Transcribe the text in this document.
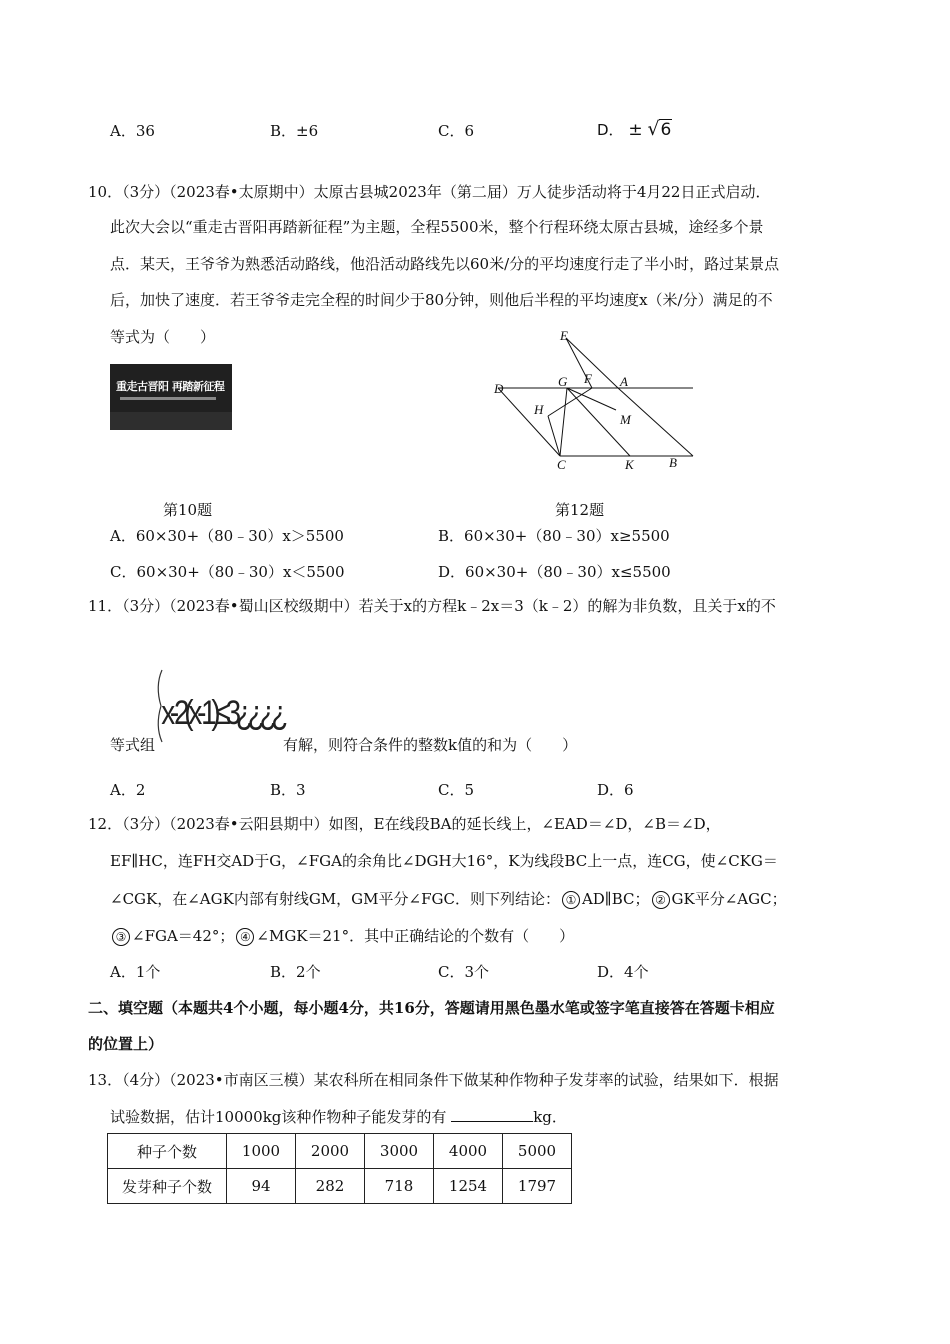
A．36	B．±6	C．6	D． ± √6
10．（3分）（2023春•太原期中）太原古县城2023年（第二届）万人徒步活动将于4月22日正式启动．
此次大会以“重走古晋阳再踏新征程”为主题，全程5500米，整个行程环绕太原古县城，途经多个景
点．某天，王爷爷为熟悉活动路线，他沿活动路线先以60米/分的平均速度行走了半小时，路过某景点
后，加快了速度．若王爷爷走完全程的时间少于80分钟，则他后半程的平均速度x（米/分）满足的不
等式为（　　）
重走古晋阳 再踏新征程
E
G F A
D
H
M
C	K	B
第10题	第12题
A．60×30+（80﹣30）x＞5500	B．60×30+（80﹣30）x≥5500
C．60×30+（80﹣30）x＜5500	D．60×30+（80﹣30）x≤5500
11．（3分）（2023春•蜀山区校级期中）若关于x的方程k﹣2x＝3（k﹣2）的解为非负数，且关于x的不
等式组
x-2(x-1)≤3¿¿¿¿
有解，则符合条件的整数k值的和为（　　）
A．2	B．3	C．5	D．6
12．（3分）（2023春•云阳县期中）如图，E在线段BA的延长线上，∠EAD＝∠D，∠B＝∠D，
EF∥HC，连FH交AD于G，∠FGA的余角比∠DGH大16°，K为线段BC上一点，连CG，使∠CKG＝
∠CGK，在∠AGK内部有射线GM，GM平分∠FGC．则下列结论： ① AD∥BC； ② GK平分∠AGC；
③ ∠FGA＝42°； ④ ∠MGK＝21°．其中正确结论的个数有（　　）
A．1个	B．2个	C．3个	D．4个
二、填空题（本题共4个小题，每小题4分，共16分，答题请用黑色墨水笔或签字笔直接答在答题卡相应
的位置上）
13．（4分）（2023•市南区三模）某农科所在相同条件下做某种作物种子发芽率的试验，结果如下．根据
试验数据，估计10000kg该种作物种子能发芽的有	kg．
种子个数	1000	2000	3000	4000	5000
发芽种子个数	94	282	718	1254	1797
